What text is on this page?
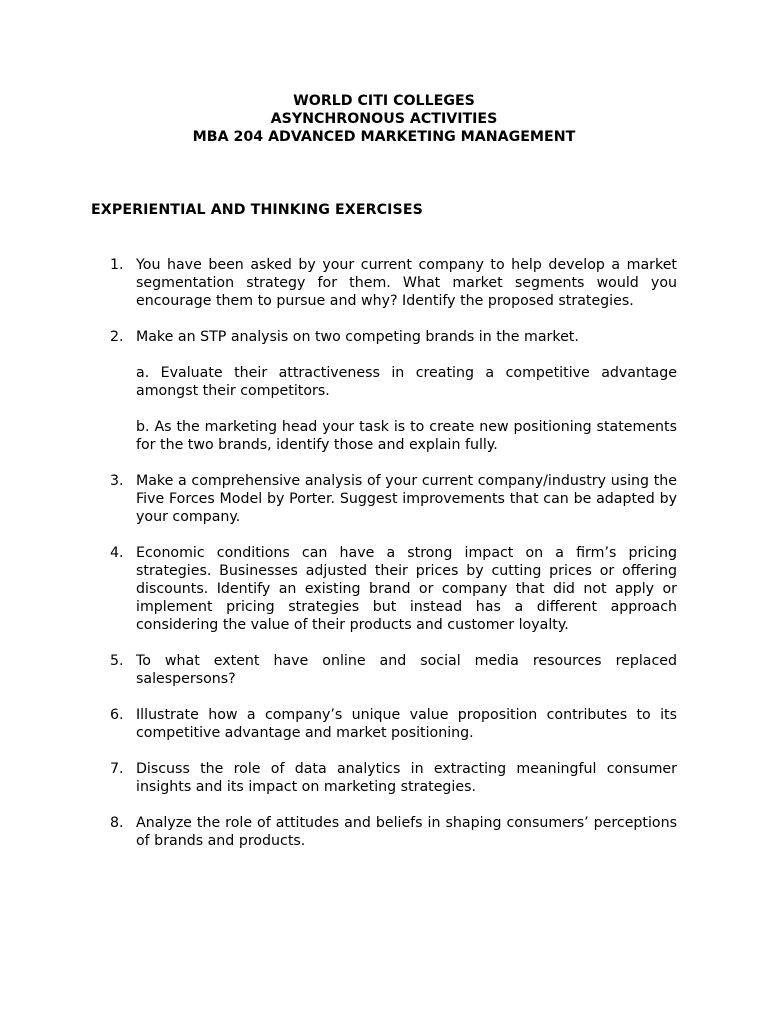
WORLD CITI COLLEGES
ASYNCHRONOUS ACTIVITIES
MBA 204 ADVANCED MARKETING MANAGEMENT
EXPERIENTIAL AND THINKING EXERCISES
1. You have been asked by your current company to help develop a market segmentation strategy for them. What market segments would you encourage them to pursue and why? Identify the proposed strategies.
2. Make an STP analysis on two competing brands in the market.
a. Evaluate their attractiveness in creating a competitive advantage amongst their competitors.
b. As the marketing head your task is to create new positioning statements for the two brands, identify those and explain fully.
3. Make a comprehensive analysis of your current company/industry using the Five Forces Model by Porter. Suggest improvements that can be adapted by your company.
4. Economic conditions can have a strong impact on a firm’s pricing strategies. Businesses adjusted their prices by cutting prices or offering discounts. Identify an existing brand or company that did not apply or implement pricing strategies but instead has a different approach considering the value of their products and customer loyalty.
5. To what extent have online and social media resources replaced salespersons?
6. Illustrate how a company’s unique value proposition contributes to its competitive advantage and market positioning.
7. Discuss the role of data analytics in extracting meaningful consumer insights and its impact on marketing strategies.
8. Analyze the role of attitudes and beliefs in shaping consumers’ perceptions of brands and products.
